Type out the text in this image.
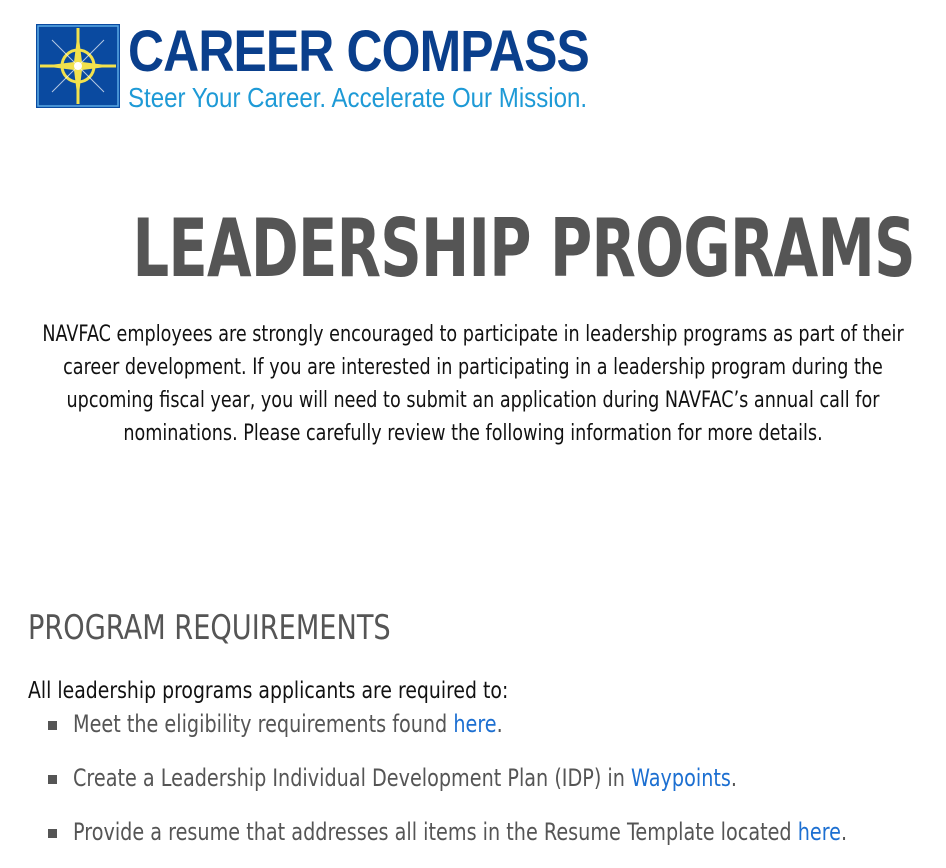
CAREER COMPASS

Steer Your Career. Accelerate Our Mission.

LEADERSHIP PROGRAMS

NAVFAC employees are strongly encouraged to participate in leadership programs as part of their career development. If you are interested in participating in a leadership program during the upcoming fiscal year, you will need to submit an application during NAVFAC’s annual call for nominations. Please carefully review the following information for more details.

PROGRAM REQUIREMENTS

All leadership programs applicants are required to:

Meet the eligibility requirements found here.
Create a Leadership Individual Development Plan (IDP) in Waypoints.
Provide a resume that addresses all items in the Resume Template located here.
